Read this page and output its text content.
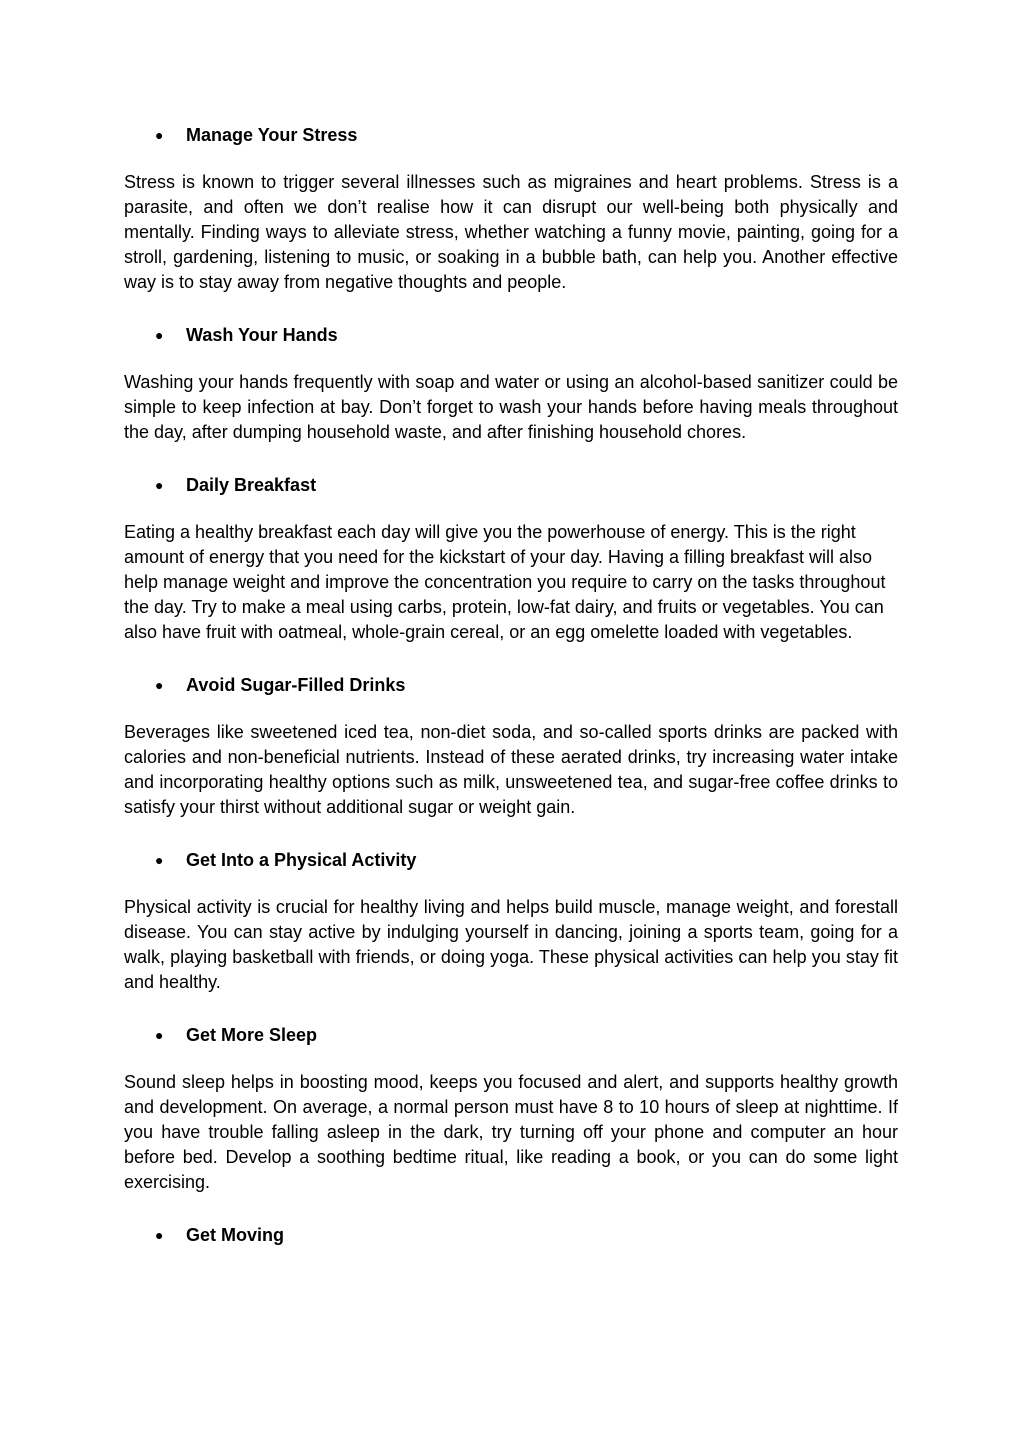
●	Manage Your Stress

Stress is known to trigger several illnesses such as migraines and heart problems. Stress is a parasite, and often we don’t realise how it can disrupt our well-being both physically and mentally. Finding ways to alleviate stress, whether watching a funny movie, painting, going for a stroll, gardening, listening to music, or soaking in a bubble bath, can help you. Another effective way is to stay away from negative thoughts and people.

●	Wash Your Hands

Washing your hands frequently with soap and water or using an alcohol-based sanitizer could be simple to keep infection at bay. Don’t forget to wash your hands before having meals throughout the day, after dumping household waste, and after finishing household chores.

●	Daily Breakfast

Eating a healthy breakfast each day will give you the powerhouse of energy. This is the right amount of energy that you need for the kickstart of your day. Having a filling breakfast will also help manage weight and improve the concentration you require to carry on the tasks throughout the day. Try to make a meal using carbs, protein, low-fat dairy, and fruits or vegetables. You can also have fruit with oatmeal, whole-grain cereal, or an egg omelette loaded with vegetables.

●	Avoid Sugar-Filled Drinks

Beverages like sweetened iced tea, non-diet soda, and so-called sports drinks are packed with calories and non-beneficial nutrients. Instead of these aerated drinks, try increasing water intake and incorporating healthy options such as milk, unsweetened tea, and sugar-free coffee drinks to satisfy your thirst without additional sugar or weight gain.

●	Get Into a Physical Activity

Physical activity is crucial for healthy living and helps build muscle, manage weight, and forestall disease. You can stay active by indulging yourself in dancing, joining a sports team, going for a walk, playing basketball with friends, or doing yoga. These physical activities can help you stay fit and healthy.

●	Get More Sleep

Sound sleep helps in boosting mood, keeps you focused and alert, and supports healthy growth and development. On average, a normal person must have 8 to 10 hours of sleep at nighttime. If you have trouble falling asleep in the dark, try turning off your phone and computer an hour before bed. Develop a soothing bedtime ritual, like reading a book, or you can do some light exercising.

●	Get Moving
